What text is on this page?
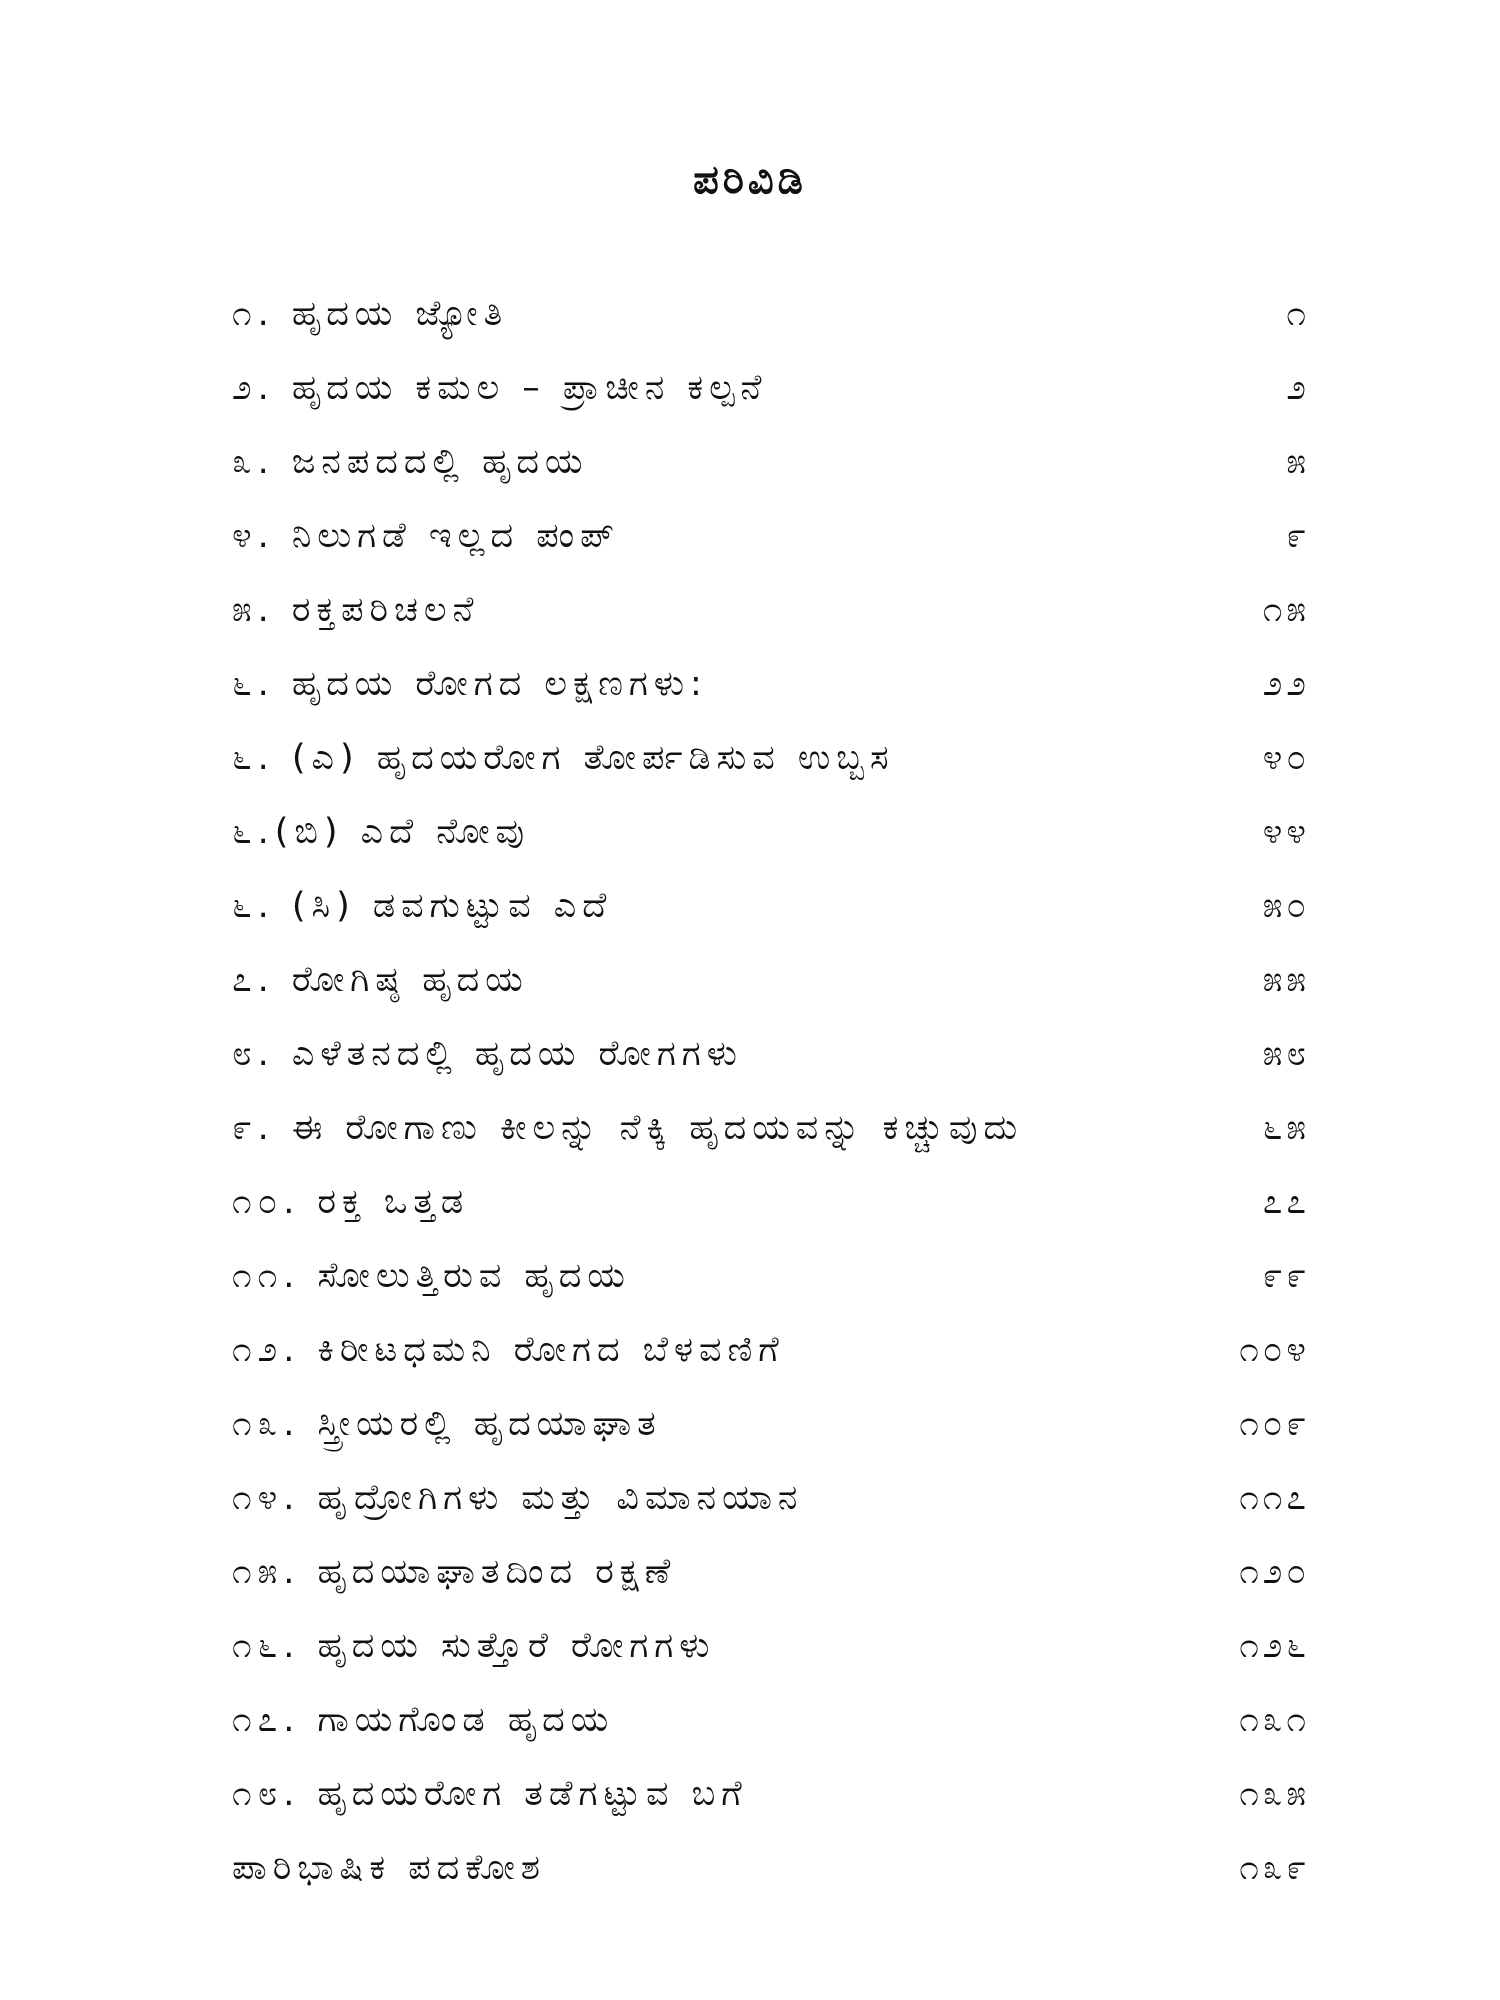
ಪರಿವಿಡಿ
೧. ಹೃದಯ ಜ್ಯೋತಿ	೧
೨. ಹೃದಯ ಕಮಲ – ಪ್ರಾಚೀನ ಕಲ್ಪನೆ	೨
೩. ಜನಪದದಲ್ಲಿ ಹೃದಯ	೫
೪. ನಿಲುಗಡೆ ಇಲ್ಲದ ಪಂಪ್	೯
೫. ರಕ್ತಪರಿಚಲನೆ	೧೫
೬. ಹೃದಯ ರೋಗದ ಲಕ್ಷಣಗಳು:	೨೨
೬. (ಎ) ಹೃದಯರೋಗ ತೋರ್ಪಡಿಸುವ ಉಬ್ಬಸ	೪೦
೬.(ಬಿ) ಎದೆ ನೋವು	೪೪
೬. (ಸಿ) ಡವಗುಟ್ಟುವ ಎದೆ	೫೦
೭. ರೋಗಿಷ್ಠ ಹೃದಯ	೫೫
೮. ಎಳೆತನದಲ್ಲಿ ಹೃದಯ ರೋಗಗಳು	೫೮
೯. ಈ ರೋಗಾಣು ಕೀಲನ್ನು ನೆಕ್ಕಿ ಹೃದಯವನ್ನು ಕಚ್ಚುವುದು	೬೫
೧೦. ರಕ್ತ ಒತ್ತಡ	೭೭
೧೧. ಸೋಲುತ್ತಿರುವ ಹೃದಯ	೯೯
೧೨. ಕಿರೀಟಧಮನಿ ರೋಗದ ಬೆಳವಣಿಗೆ	೧೦೪
೧೩. ಸ್ತ್ರೀಯರಲ್ಲಿ ಹೃದಯಾಘಾತ	೧೦೯
೧೪. ಹೃದ್ರೋಗಿಗಳು ಮತ್ತು ವಿಮಾನಯಾನ	೧೧೭
೧೫. ಹೃದಯಾಘಾತದಿಂದ ರಕ್ಷಣೆ	೧೨೦
೧೬. ಹೃದಯ ಸುತ್ತೊರೆ ರೋಗಗಳು	೧೨೬
೧೭. ಗಾಯಗೊಂಡ ಹೃದಯ	೧೩೧
೧೮. ಹೃದಯರೋಗ ತಡೆಗಟ್ಟುವ ಬಗೆ	೧೩೫
ಪಾರಿಭಾಷಿಕ ಪದಕೋಶ	೧೩೯
